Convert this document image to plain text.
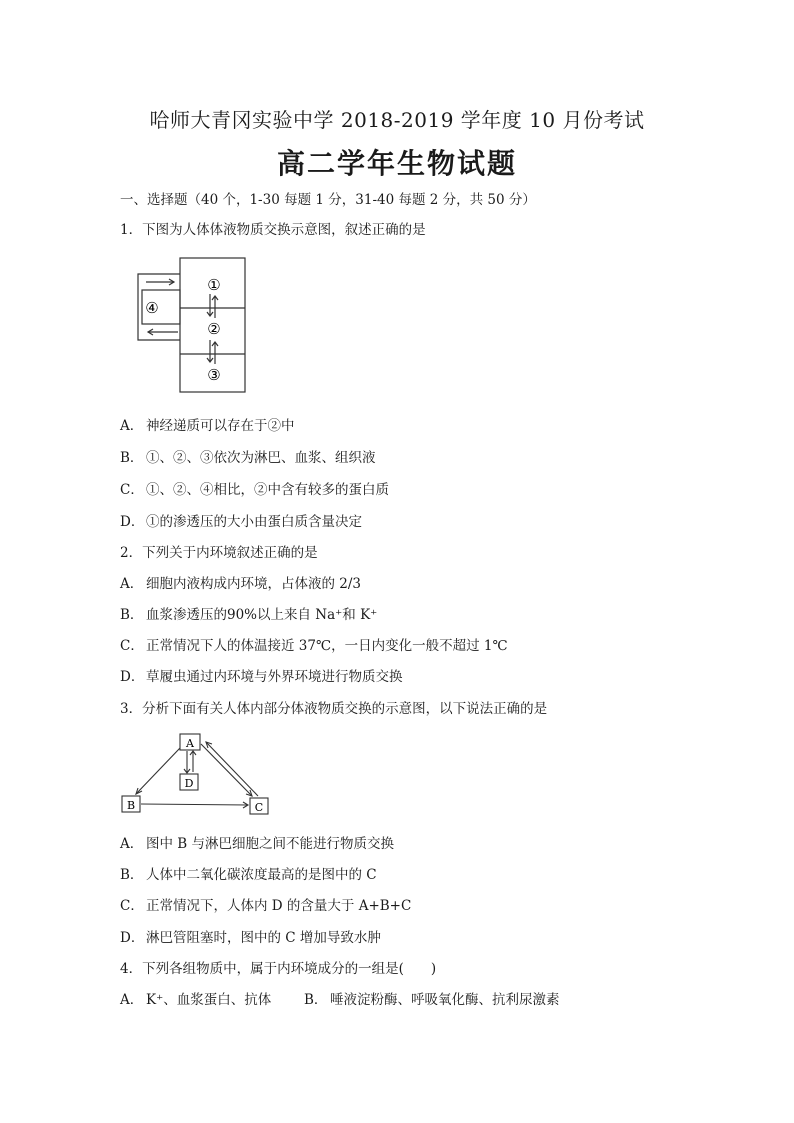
哈师大青冈实验中学 2018-2019 学年度 10 月份考试
高二学年生物试题
一、选择题（40 个，1-30 每题 1 分，31-40 每题 2 分，共 50 分）
1．下图为人体体液物质交换示意图，叙述正确的是
①
②
③
④
A． 神经递质可以存在于②中
B． ①、②、③依次为淋巴、血浆、组织液
C． ①、②、④相比，②中含有较多的蛋白质
D． ①的渗透压的大小由蛋白质含量决定
2．下列关于内环境叙述正确的是
A． 细胞内液构成内环境，占体液的 2/3
B． 血浆渗透压的90%以上来自 Na⁺和 K⁺
C． 正常情况下人的体温接近 37℃，一日内变化一般不超过 1℃
D． 草履虫通过内环境与外界环境进行物质交换
3．分析下面有关人体内部分体液物质交换的示意图，以下说法正确的是
A
B	C
D
A． 图中 B 与淋巴细胞之间不能进行物质交换
B． 人体中二氧化碳浓度最高的是图中的 C
C． 正常情况下，人体内 D 的含量大于 A+B+C
D． 淋巴管阻塞时，图中的 C 增加导致水肿
4．下列各组物质中，属于内环境成分的一组是(　　)
A． K⁺、血浆蛋白、抗体 B． 唾液淀粉酶、呼吸氧化酶、抗利尿激素
